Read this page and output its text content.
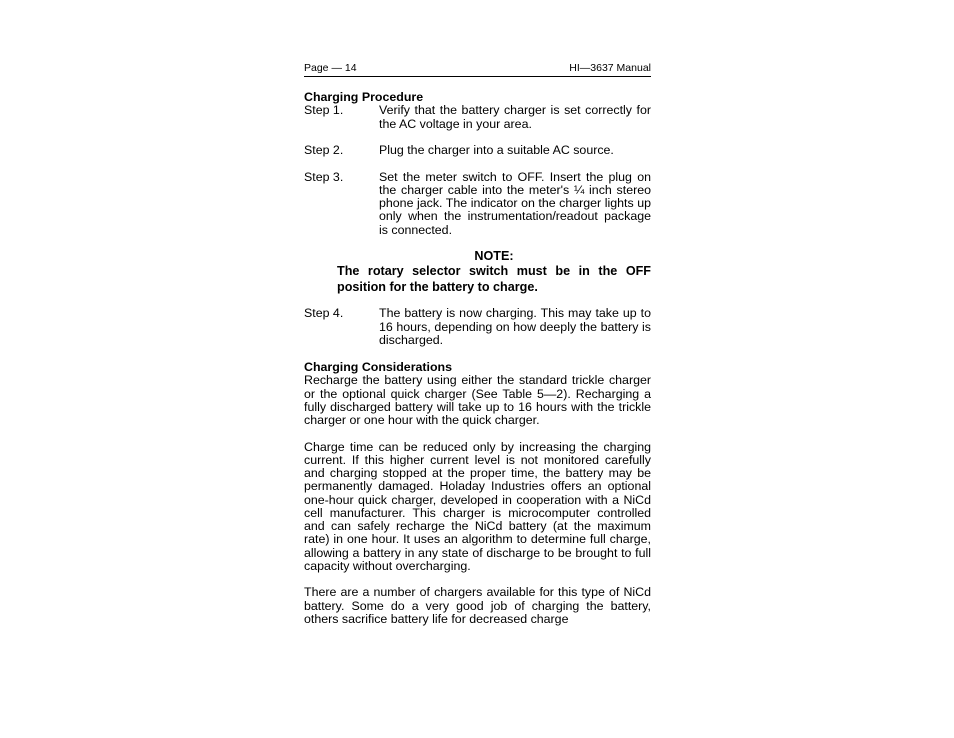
Page — 14	HI—3637 Manual
Charging Procedure
Step 1.	Verify that the battery charger is set correctly for the AC voltage in your area.
Step 2.	Plug the charger into a suitable AC source.
Step 3.	Set the meter switch to OFF. Insert the plug on the charger cable into the meter's ¼ inch stereo phone jack. The indicator on the charger lights up only when the instrumentation/readout package is connected.
NOTE:
The rotary selector switch must be in the OFF position for the battery to charge.
Step 4.	The battery is now charging. This may take up to 16 hours, depending on how deeply the battery is discharged.
Charging Considerations
Recharge the battery using either the standard trickle charger or the optional quick charger (See Table 5—2). Recharging a fully discharged battery will take up to 16 hours with the trickle charger or one hour with the quick charger.
Charge time can be reduced only by increasing the charging current. If this higher current level is not monitored carefully and charging stopped at the proper time, the battery may be permanently damaged. Holaday Industries offers an optional one-hour quick charger, developed in cooperation with a NiCd cell manufacturer. This charger is microcomputer controlled and can safely recharge the NiCd battery (at the maximum rate) in one hour. It uses an algorithm to determine full charge, allowing a battery in any state of discharge to be brought to full capacity without overcharging.
There are a number of chargers available for this type of NiCd battery. Some do a very good job of charging the battery, others sacrifice battery life for decreased charge
